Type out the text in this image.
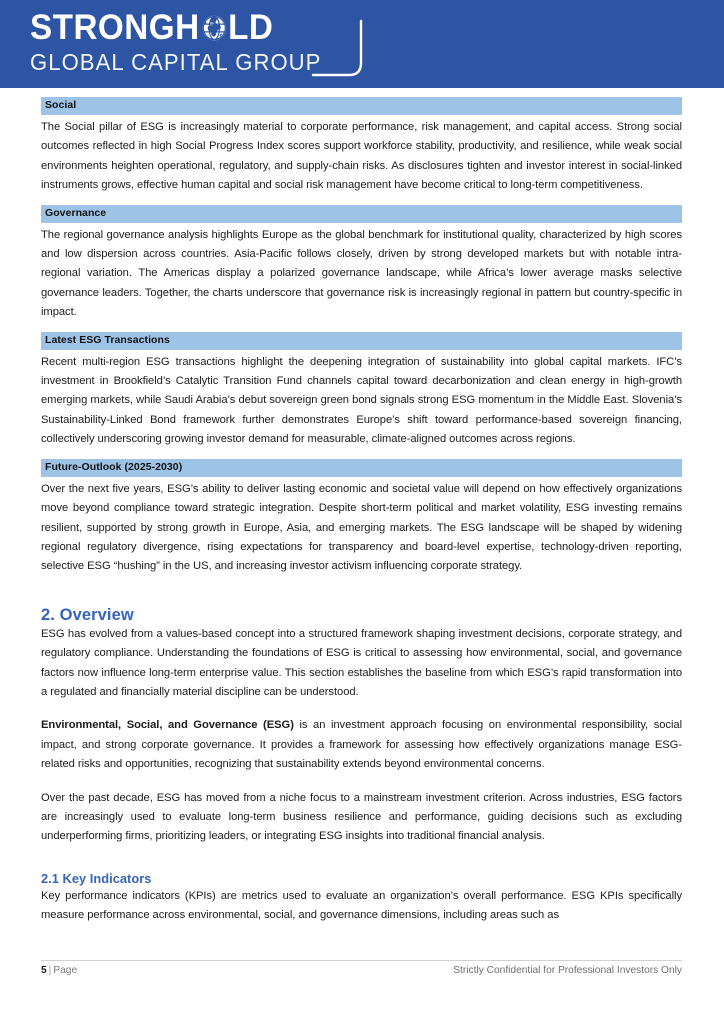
STRONGH LD
GLOBAL CAPITAL GROUP
Social

The Social pillar of ESG is increasingly material to corporate performance, risk management, and capital access. Strong social outcomes reflected in high Social Progress Index scores support workforce stability, productivity, and resilience, while weak social environments heighten operational, regulatory, and supply-chain risks. As disclosures tighten and investor interest in social-linked instruments grows, effective human capital and social risk management have become critical to long-term competitiveness.

Governance

The regional governance analysis highlights Europe as the global benchmark for institutional quality, characterized by high scores and low dispersion across countries. Asia-Pacific follows closely, driven by strong developed markets but with notable intra-regional variation. The Americas display a polarized governance landscape, while Africa’s lower average masks selective governance leaders. Together, the charts underscore that governance risk is increasingly regional in pattern but country-specific in impact.

Latest ESG Transactions

Recent multi-region ESG transactions highlight the deepening integration of sustainability into global capital markets. IFC’s investment in Brookfield’s Catalytic Transition Fund channels capital toward decarbonization and clean energy in high-growth emerging markets, while Saudi Arabia’s debut sovereign green bond signals strong ESG momentum in the Middle East. Slovenia’s Sustainability-Linked Bond framework further demonstrates Europe’s shift toward performance-based sovereign financing, collectively underscoring growing investor demand for measurable, climate-aligned outcomes across regions.

Future-Outlook (2025-2030)

Over the next five years, ESG’s ability to deliver lasting economic and societal value will depend on how effectively organizations move beyond compliance toward strategic integration. Despite short-term political and market volatility, ESG investing remains resilient, supported by strong growth in Europe, Asia, and emerging markets. The ESG landscape will be shaped by widening regional regulatory divergence, rising expectations for transparency and board-level expertise, technology-driven reporting, selective ESG “hushing” in the US, and increasing investor activism influencing corporate strategy.

2. Overview

ESG has evolved from a values-based concept into a structured framework shaping investment decisions, corporate strategy, and regulatory compliance. Understanding the foundations of ESG is critical to assessing how environmental, social, and governance factors now influence long-term enterprise value. This section establishes the baseline from which ESG’s rapid transformation into a regulated and financially material discipline can be understood.

Environmental, Social, and Governance (ESG) is an investment approach focusing on environmental responsibility, social impact, and strong corporate governance. It provides a framework for assessing how effectively organizations manage ESG-related risks and opportunities, recognizing that sustainability extends beyond environmental concerns.

Over the past decade, ESG has moved from a niche focus to a mainstream investment criterion. Across industries, ESG factors are increasingly used to evaluate long-term business resilience and performance, guiding decisions such as excluding underperforming firms, prioritizing leaders, or integrating ESG insights into traditional financial analysis.

2.1 Key Indicators

Key performance indicators (KPIs) are metrics used to evaluate an organization’s overall performance. ESG KPIs specifically measure performance across environmental, social, and governance dimensions, including areas such as

5 | Page	Strictly Confidential for Professional Investors Only
